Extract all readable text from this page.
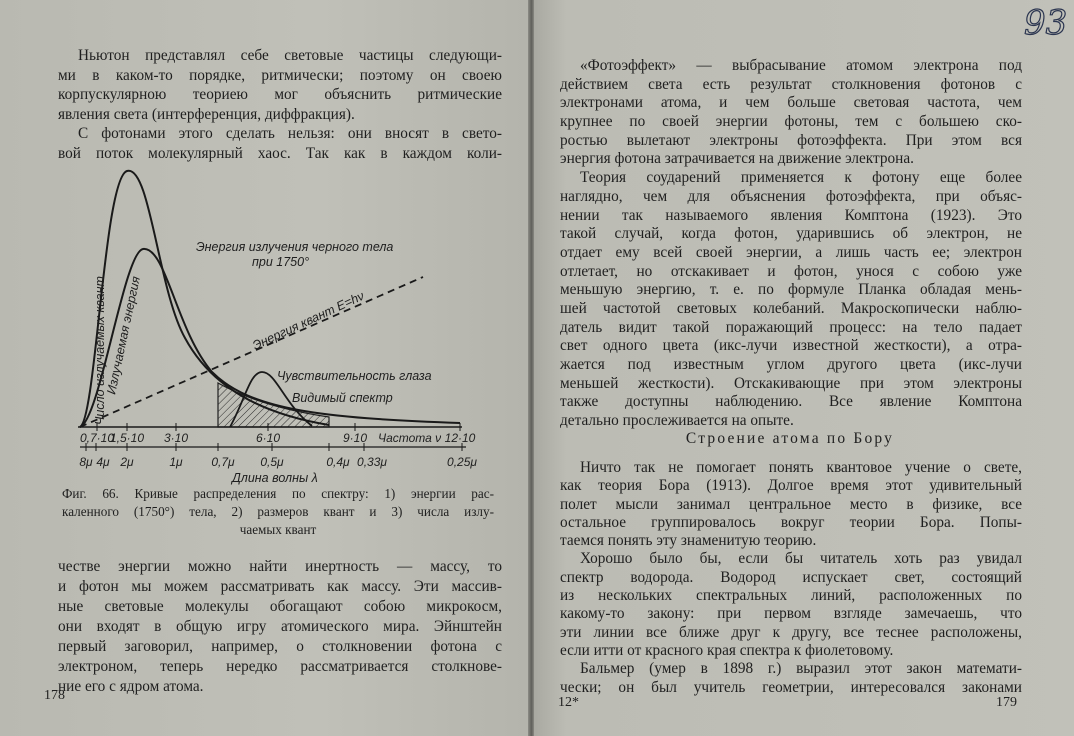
Ньютон представлял себе световые частицы следующи-
ми в каком-то порядке, ритмически; поэтому он своею
корпускулярною теориею мог объяснить ритмические
явления света (интерференция, диффракция).
С фотонами этого сделать нельзя: они вносят в свето-
вой поток молекулярный хаос. Так как в каждом коли-
0,7·10
1,5·10 3·10	6·10	9·10	12·10
8μ 4μ 2μ	1μ 0,7μ 0,5μ	0,4μ 0,33μ	0,25μ
Энергия излучения черного тела
при 1750°
Число излучаемых квант
Излучаемая энергия	Энергия квант E=hν
Чувствительность глаза
Видимый спектр
Частота ν
Длина волны λ
Фиг. 66. Кривые распределения по спектру: 1) энергии рас-
каленного (1750°) тела, 2) размеров квант и 3) числа излу-
чаемых квант
честве энергии можно найти инертность — массу, то
и фотон мы можем рассматривать как массу. Эти массив-
ные световые молекулы обогащают собою микрокосм,
они входят в общую игру атомического мира. Эйнштейн
первый заговорил, например, о столкновении фотона с
электроном, теперь нередко рассматривается столкнове-
ние его с ядром атома.
178
93
«Фотоэффект» — выбрасывание атомом электрона под
действием света есть результат столкновения фотонов с
электронами атома, и чем больше световая частота, чем
крупнее по своей энергии фотоны, тем с большею ско-
ростью вылетают электроны фотоэффекта. При этом вся
энергия фотона затрачивается на движение электрона.
Теория соударений применяется к фотону еще более
наглядно, чем для объяснения фотоэффекта, при объяс-
нении так называемого явления Комптона (1923). Это
такой случай, когда фотон, ударившись об электрон, не
отдает ему всей своей энергии, а лишь часть ее; электрон
отлетает, но отскакивает и фотон, унося с собою уже
меньшую энергию, т. е. по формуле Планка обладая мень-
шей частотой световых колебаний. Макроскопически наблю-
датель видит такой поражающий процесс: на тело падает
свет одного цвета (икс-лучи известной жесткости), а отра-
жается под известным углом другого цвета (икс-лучи
меньшей жесткости). Отскакивающие при этом электроны
также доступны наблюдению. Все явление Комптона
детально прослеживается на опыте.
Строение атома по Бору
Ничто так не помогает понять квантовое учение о свете,
как теория Бора (1913). Долгое время этот удивительный
полет мысли занимал центральное место в физике, все
остальное группировалось вокруг теории Бора. Попы-
таемся понять эту знаменитую теорию.
Хорошо было бы, если бы читатель хоть раз увидал
спектр водорода. Водород испускает свет, состоящий
из нескольких спектральных линий, расположенных по
какому-то закону: при первом взгляде замечаешь, что
эти линии все ближе друг к другу, все теснее расположены,
если итти от красного края спектра к фиолетовому.
Бальмер (умер в 1898 г.) выразил этот закон математи-
чески; он был учитель геометрии, интересовался законами
12*	179
